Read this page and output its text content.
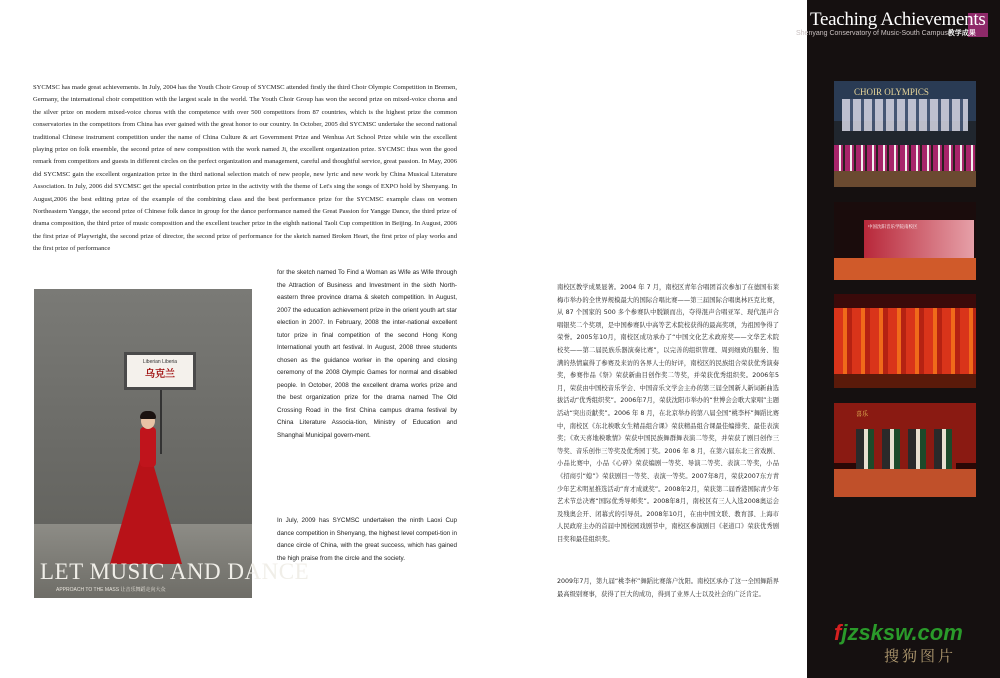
Teaching Achievements
Shenyang Conservatory of Music-South Campus教学成果

SYCMSC has made great achievements. In July, 2004 has the Youth Choir Group of SYCMSC attended firstly the third Choir Olympic Competition in Bremen, Germany, the international choir competition with the largest scale in the world. The Youth Choir Group has won the second prize on mixed-voice chorus and the silver prize on modern mixed-voice chorus with the competence with over 500 competitors from 87 countries, which is the highest prize the common conservatories in the competitors from China has ever gained with the great honor to our country. In October, 2005 did SYCMSC undertake the second national traditional Chinese instrument competition under the name of China Culture & art Government Prize and Wenhua Art School Prize while win the excellent playing prize on folk ensemble, the second prize of new composition with the work named Ji, the excellent organization prize. SYCMSC thus won the good remark from competitors and guests in different circles on the perfect organization and management, careful and thoughtful service, great passion. In May, 2006 did SYCMSC gain the excellent organization prize in the third national selection match of new people, new lyric and new work by China Musical Literature Association. In July, 2006 did SYCMSC get the special contribution prize in the activity with the theme of Let's sing the songs of EXPO hold by Shenyang. In August,2006 the best editing prize of the example of the combining class and the best performance prize for the SYCMSC example class on women Northeastern Yangge, the second prize of Chinese folk dance in group for the dance performance named the Great Passion for Yangge Dance, the third prize of drama composition, the third prize of music composition and the excellent teacher prize in the eighth national Taoli Cup competition in Beijing. In August, 2006 the first prize of Playwright, the second prize of director, the second prize of performance for the sketch named Broken Heart, the first prize of play works and the first prize of performance

for the sketch named To Find a Woman as Wife as Wife through the Attraction of Business and Investment in the sixth North-eastern three province drama & sketch competition. In August, 2007 the education achievement prize in the orient youth art star election in 2007. In February, 2008 the inter-national excellent tutor prize in final competition of the second Hong Kong International youth art festival. In August, 2008 three students chosen as the guidance worker in the opening and closing ceremony of the 2008 Olympic Games for normal and disabled people. In October, 2008 the excellent drama works prize and the best organization prize for the drama named The Old Crossing Road in the first China campus drama festival by China Literature Associa-tion, Ministry of Education and Shanghai Municipal govern-ment.

In July, 2009 has SYCMSC undertaken the ninth Laoxi Cup dance competition in Shenyang, the highest level competi-tion in dance circle of China, with the great success, which has gained the high praise from the circle and the society.

南校区教学成果显著。2004 年 7 月，南校区青年合唱团首次参加了在德国布莱梅市举办的全世界规模最大的国际合唱比赛——第三届国际合唱奥林匹克比赛，从 87 个国家的 500 多个参赛队中脱颖而出，夺得混声合唱亚军、现代混声合唱银奖二个奖项，是中国参赛队中高等艺术院校获得的最高奖项，为祖国争得了荣誉。2005年10月，南校区成功承办了“中国文化艺术政府奖——文华艺术院校奖——第二届民族乐器演奏比赛”，以完善的组织管理、周到细致的服务、饱满的热情赢得了参赛及来访的各界人士的好评，南校区的民族组合荣获优秀演奏奖，参赛作品《祭》荣获新曲目创作奖二等奖，并荣获优秀组织奖。2006年5月，荣获由中国校音乐学会、中国音乐文学会主办的第三届全国新人新词新曲选拔活动“优秀组织奖”。2006年7月，荣获沈阳市举办的“世博会会歌大家唱”主题活动“突出贡献奖”。2006 年 8 月，在北京举办的第八届全国“桃李杯”舞蹈比赛中，南校区《东北秧歌女生精品组合课》荣获精品组合课最佳编排奖、最佳表演奖；《欢天喜地秧歌情》荣获中国民族舞群舞表演二等奖，并荣获了剧目创作三等奖、音乐创作三等奖及优秀园丁奖。2006 年 8 月，在第六届东北三省戏剧、小品比赛中，小品《心碎》荣获编剧一等奖、导演二等奖、表演二等奖，小品《招商引“媳”》荣获剧目一等奖、表演一等奖。2007年8月，荣获2007东方青少年艺术明星推选活动“育才成就奖”。2008年2月，荣获第二届香港国际青少年艺术节总决赛“国际优秀导师奖”。2008年8月，南校区有三人入选2008奥运会及残奥会开、闭幕式的引导员。2008年10月，在由中国文联、教育部、上海市人民政府主办的首届中国校园戏剧节中，南校区参演剧目《老道口》荣获优秀剧目奖和最佳组织奖。

2009年7月，第九届“桃李杯”舞蹈比赛落户沈阳。南校区承办了这一全国舞蹈界最高级别赛事，获得了巨大的成功，得到了业界人士以及社会的广泛肯定。

Liberian Liberia
乌克兰
LET MUSIC AND DANCE
APPROACH TO THE MASS 让音乐舞蹈走向大众
CHOIR OLYMPICS
中国沈阳音乐学院南校区
喜乐
fjzsksw.com
搜狗图片
